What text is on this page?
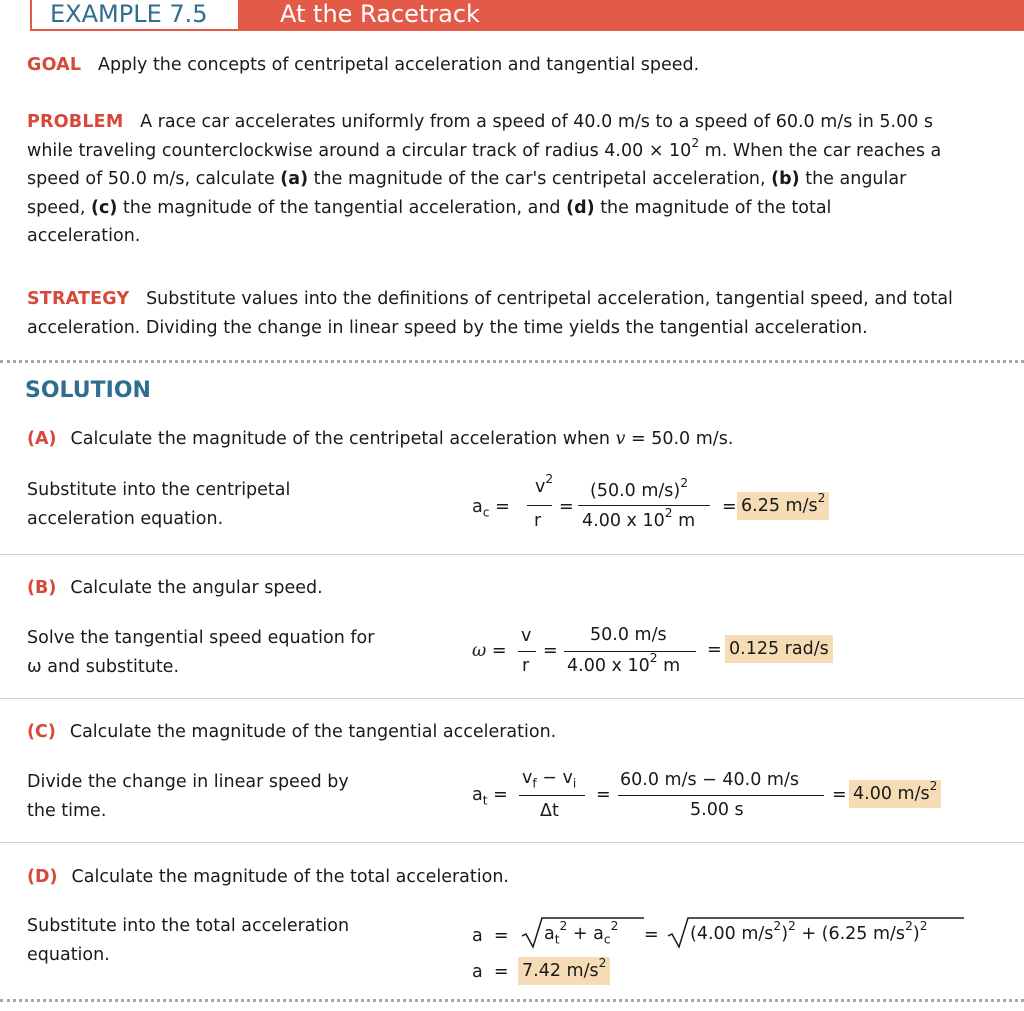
EXAMPLE 7.5	At the Racetrack
GOAL Apply the concepts of centripetal acceleration and tangential speed.
PROBLEM A race car accelerates uniformly from a speed of 40.0 m/s to a speed of 60.0 m/s in 5.00 s
while traveling counterclockwise around a circular track of radius $4.00 \times 10^2$ m. When the car reaches a
speed of 50.0 m/s, calculate (a) the magnitude of the car's centripetal acceleration, (b) the angular
speed, (c) the magnitude of the tangential acceleration, and (d) the magnitude of the total
acceleration.
STRATEGY Substitute values into the definitions of centripetal acceleration, tangential speed, and total
acceleration. Dividing the change in linear speed by the time yields the tangential acceleration.
SOLUTION
(A) Calculate the magnitude of the centripetal acceleration when v = 50.0 m/s.
Substitute into the centripetal
acceleration equation.
$a_c$ =
$v^2$
r
=
(50.0 m/s)$^2$
4.00 x $10^2$ m
= 6.25 $m/s^2$
(B) Calculate the angular speed.
Solve the tangential speed equation for
ω and substitute.
ω =
v
r
=
50.0 m/s
4.00 x $10^2$ m
= 0.125 rad/s
(C) Calculate the magnitude of the tangential acceleration.
Divide the change in linear speed by
the time.
$a_t$ =
$v_f - v_i$
Δt
=
60.0 m/s − 40.0 m/s
5.00 s
= 4.00 $m/s^2$
(D) Calculate the magnitude of the total acceleration.
Substitute into the total acceleration
equation.
$a = a_t^2 + a_c^2 = (4.00$ $m/s^2)^2 + (6.25$ $m/s^2)^2$
a = 7.42 $m/s^2$
